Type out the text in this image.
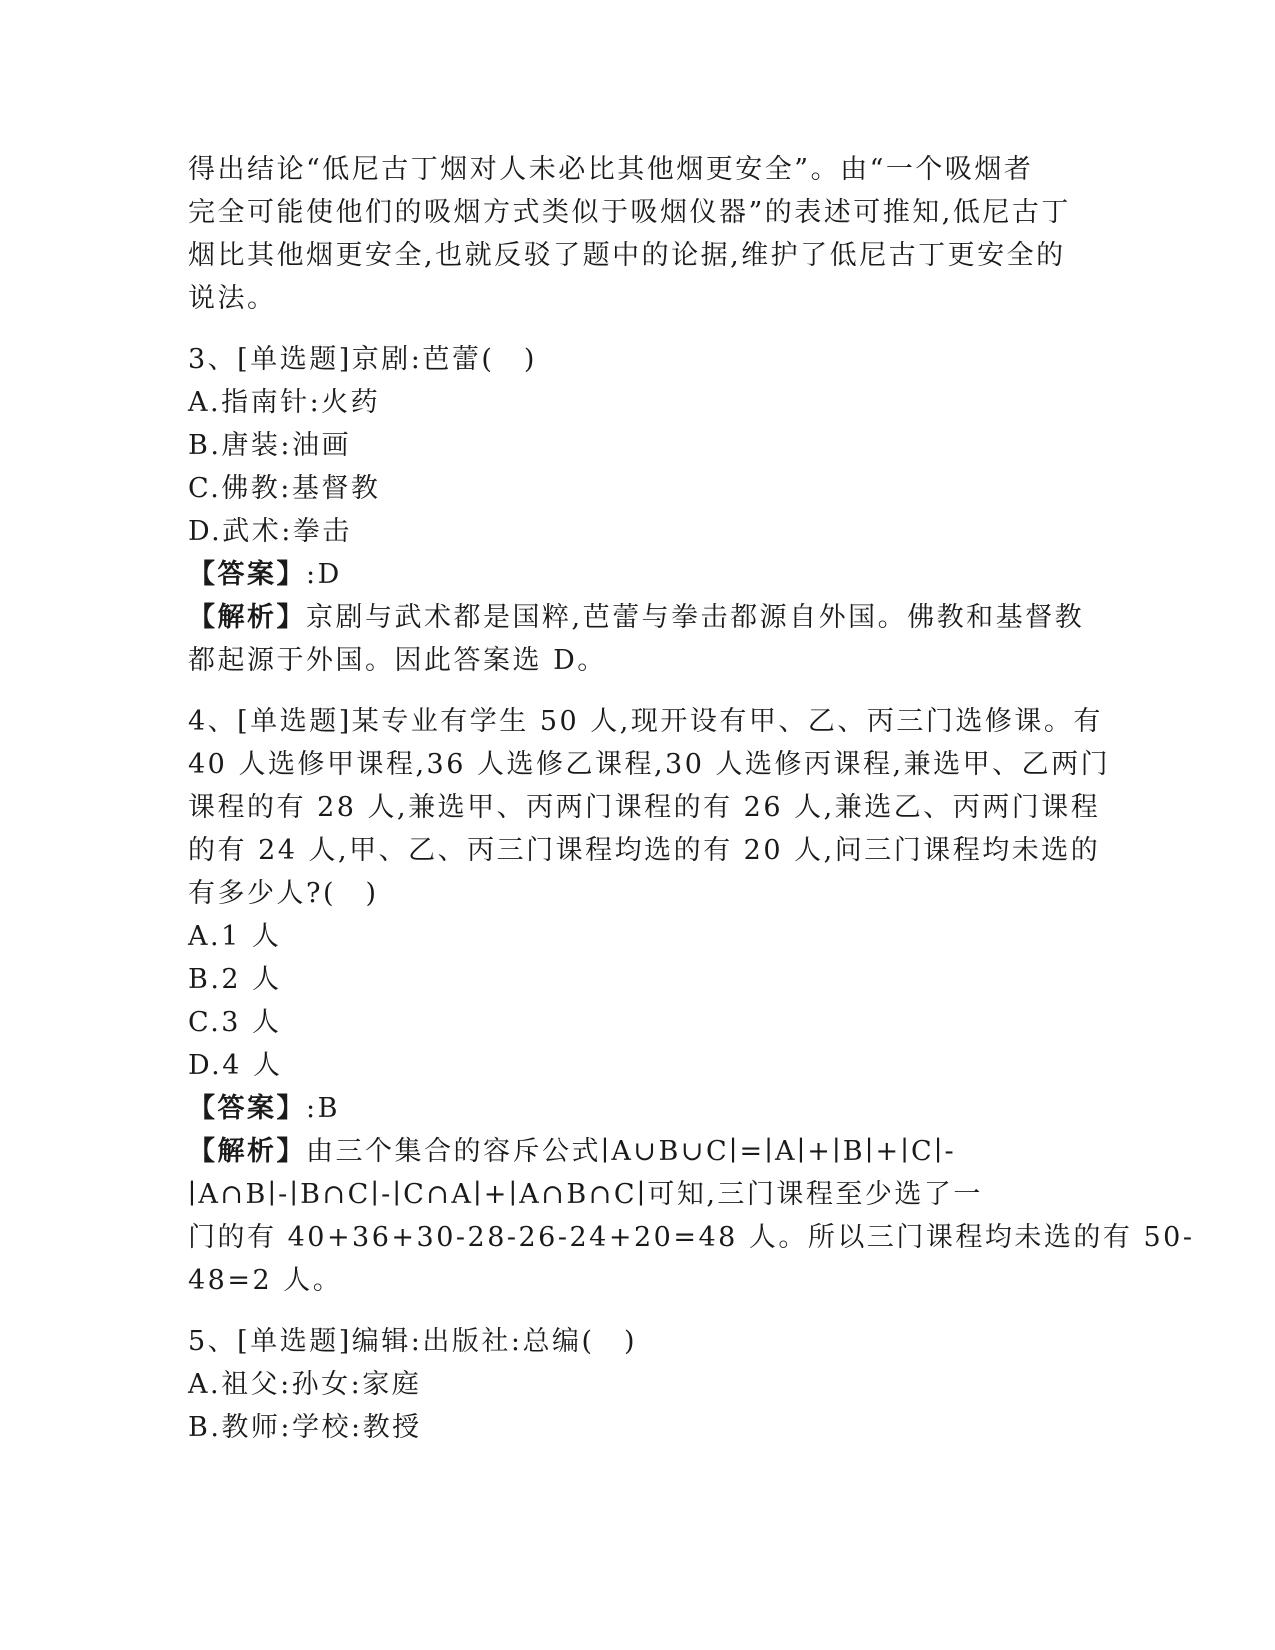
得出结论“低尼古丁烟对人未必比其他烟更安全”。由“一个吸烟者
完全可能使他们的吸烟方式类似于吸烟仪器”的表述可推知,低尼古丁
烟比其他烟更安全,也就反驳了题中的论据,维护了低尼古丁更安全的
说法。
3、[单选题]京剧:芭蕾(　)
A.指南针:火药
B.唐装:油画
C.佛教:基督教
D.武术:拳击
【答案】:D
【解析】京剧与武术都是国粹,芭蕾与拳击都源自外国。佛教和基督教
都起源于外国。因此答案选 D。
4、[单选题]某专业有学生 50 人,现开设有甲、乙、丙三门选修课。有
40 人选修甲课程,36 人选修乙课程,30 人选修丙课程,兼选甲、乙两门
课程的有 28 人,兼选甲、丙两门课程的有 26 人,兼选乙、丙两门课程
的有 24 人,甲、乙、丙三门课程均选的有 20 人,问三门课程均未选的
有多少人?(　)
A.1 人
B.2 人
C.3 人
D.4 人
【答案】:B
【解析】由三个集合的容斥公式∣A∪B∪C∣=∣A∣+∣B∣+∣C∣-
∣A∩B∣-∣B∩C∣-∣C∩A∣+∣A∩B∩C∣可知,三门课程至少选了一
门的有 40+36+30-28-26-24+20=48 人。所以三门课程均未选的有 50-
48=2 人。
5、[单选题]编辑:出版社:总编(　)
A.祖父:孙女:家庭
B.教师:学校:教授
